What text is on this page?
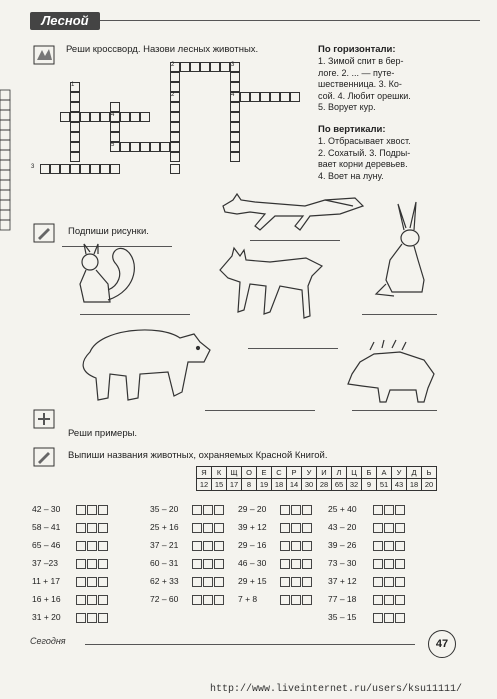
Лесной
Реши кроссворд. Назови лесных животных.
2	3
1
2	4
4
5
3
По горизонтали:
1. Зимой спит в бер-
логе. 2. ... — путе-
шественница. 3. Ко-
сой. 4. Любит орешки.
5. Ворует кур.
По вертикали:
1. Отбрасывает хвост.
2. Сохатый. 3. Подры-
вает корни деревьев.
4. Воет на луну.
Подпиши рисунки.
Реши примеры.
Выпиши названия животных, охраняемых Красной Книгой.
Я	К	Щ	О	Е	С	Р	У	И	Л	Ц	Б	А	У	Д	Ь
12	15	17	8	19	18	14	30	28	65	32	9	51	43	18	20
42 – 30
58 – 41
65 – 46
37 –23
11 + 17
16 + 16
31 + 20
35 – 20
25 + 16
37 – 21
60 – 31
62 + 33
72 – 60
29 – 20
39 + 12
29 – 16
46 – 30
29 + 15
7 + 8
25 + 40
43 – 20
39 – 26
73 – 30
37 + 12
77 – 18
35 – 15
Сегодня	47
http://www.liveinternet.ru/users/ksu11111/
